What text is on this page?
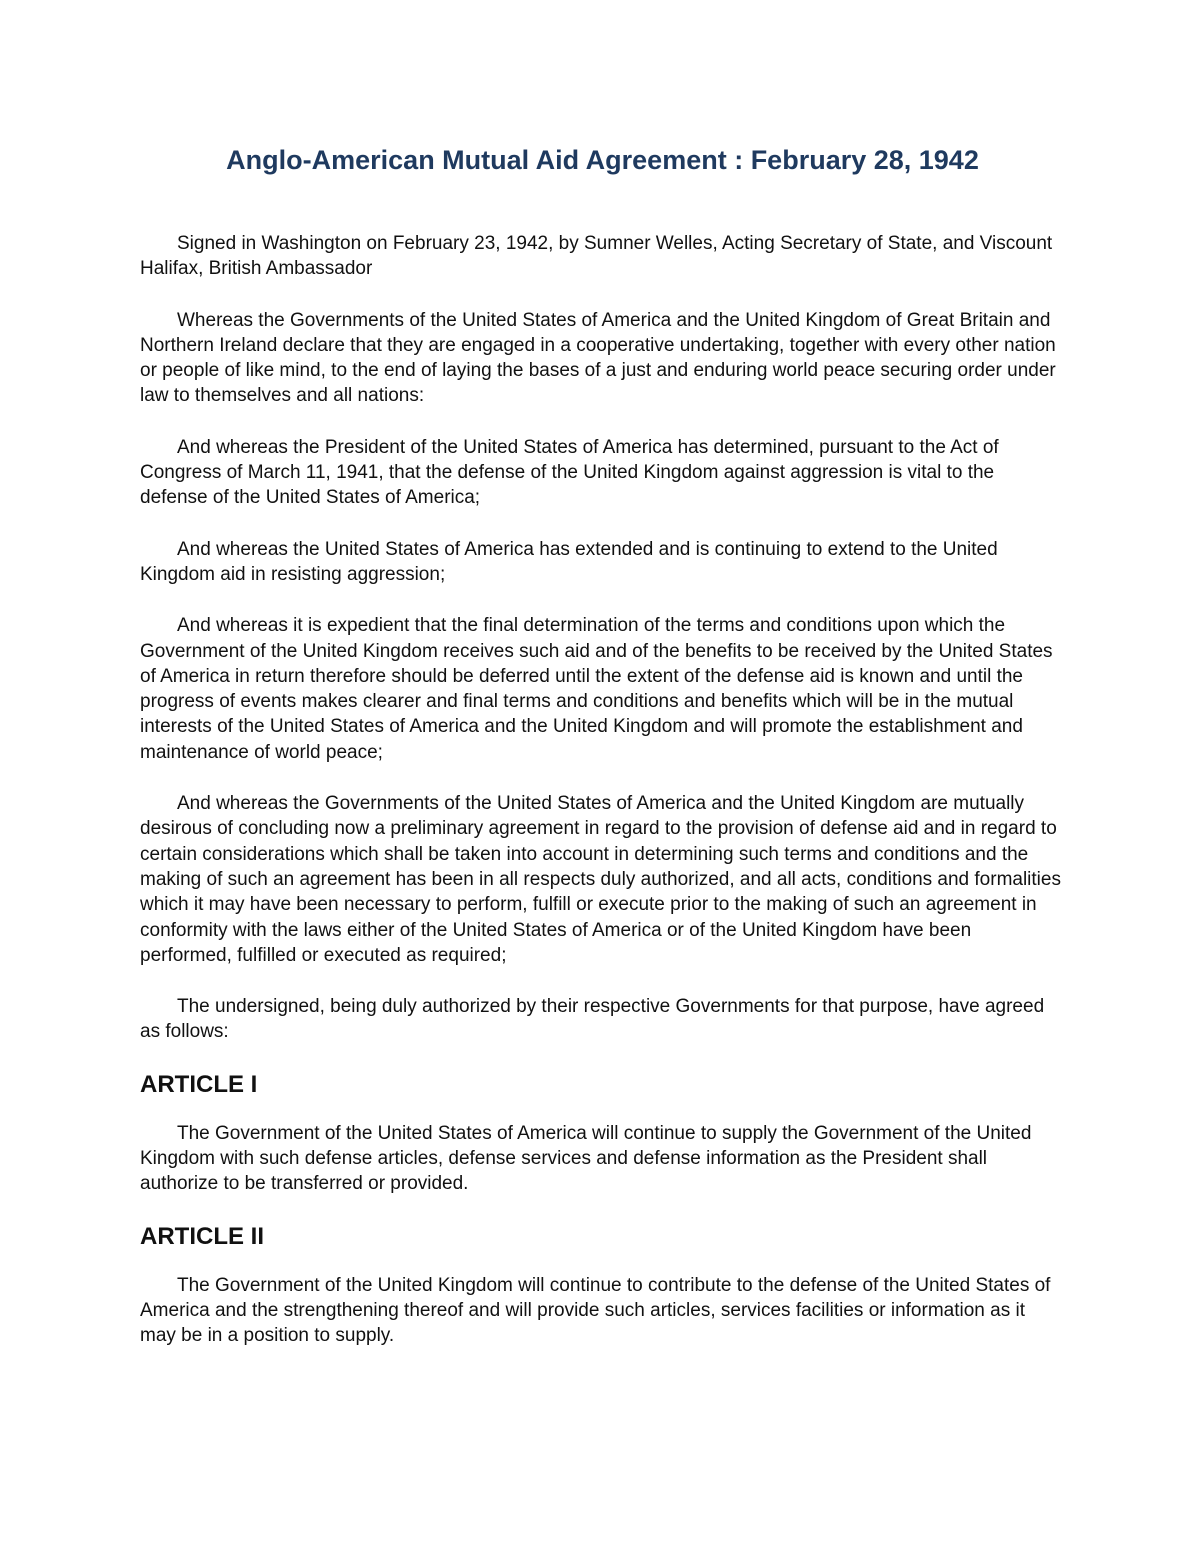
Anglo-American Mutual Aid Agreement : February 28, 1942

Signed in Washington on February 23, 1942, by Sumner Welles, Acting Secretary of State, and Viscount Halifax, British Ambassador

Whereas the Governments of the United States of America and the United Kingdom of Great Britain and Northern Ireland declare that they are engaged in a cooperative undertaking, together with every other nation or people of like mind, to the end of laying the bases of a just and enduring world peace securing order under law to themselves and all nations:

And whereas the President of the United States of America has determined, pursuant to the Act of Congress of March 11, 1941, that the defense of the United Kingdom against aggression is vital to the defense of the United States of America;

And whereas the United States of America has extended and is continuing to extend to the United Kingdom aid in resisting aggression;

And whereas it is expedient that the final determination of the terms and conditions upon which the Government of the United Kingdom receives such aid and of the benefits to be received by the United States of America in return therefore should be deferred until the extent of the defense aid is known and until the progress of events makes clearer and final terms and conditions and benefits which will be in the mutual interests of the United States of America and the United Kingdom and will promote the establishment and maintenance of world peace;

And whereas the Governments of the United States of America and the United Kingdom are mutually desirous of concluding now a preliminary agreement in regard to the provision of defense aid and in regard to certain considerations which shall be taken into account in determining such terms and conditions and the making of such an agreement has been in all respects duly authorized, and all acts, conditions and formalities which it may have been necessary to perform, fulfill or execute prior to the making of such an agreement in conformity with the laws either of the United States of America or of the United Kingdom have been performed, fulfilled or executed as required;

The undersigned, being duly authorized by their respective Governments for that purpose, have agreed as follows:

ARTICLE I

The Government of the United States of America will continue to supply the Government of the United Kingdom with such defense articles, defense services and defense information as the President shall authorize to be transferred or provided.

ARTICLE II

The Government of the United Kingdom will continue to contribute to the defense of the United States of America and the strengthening thereof and will provide such articles, services facilities or information as it may be in a position to supply.
